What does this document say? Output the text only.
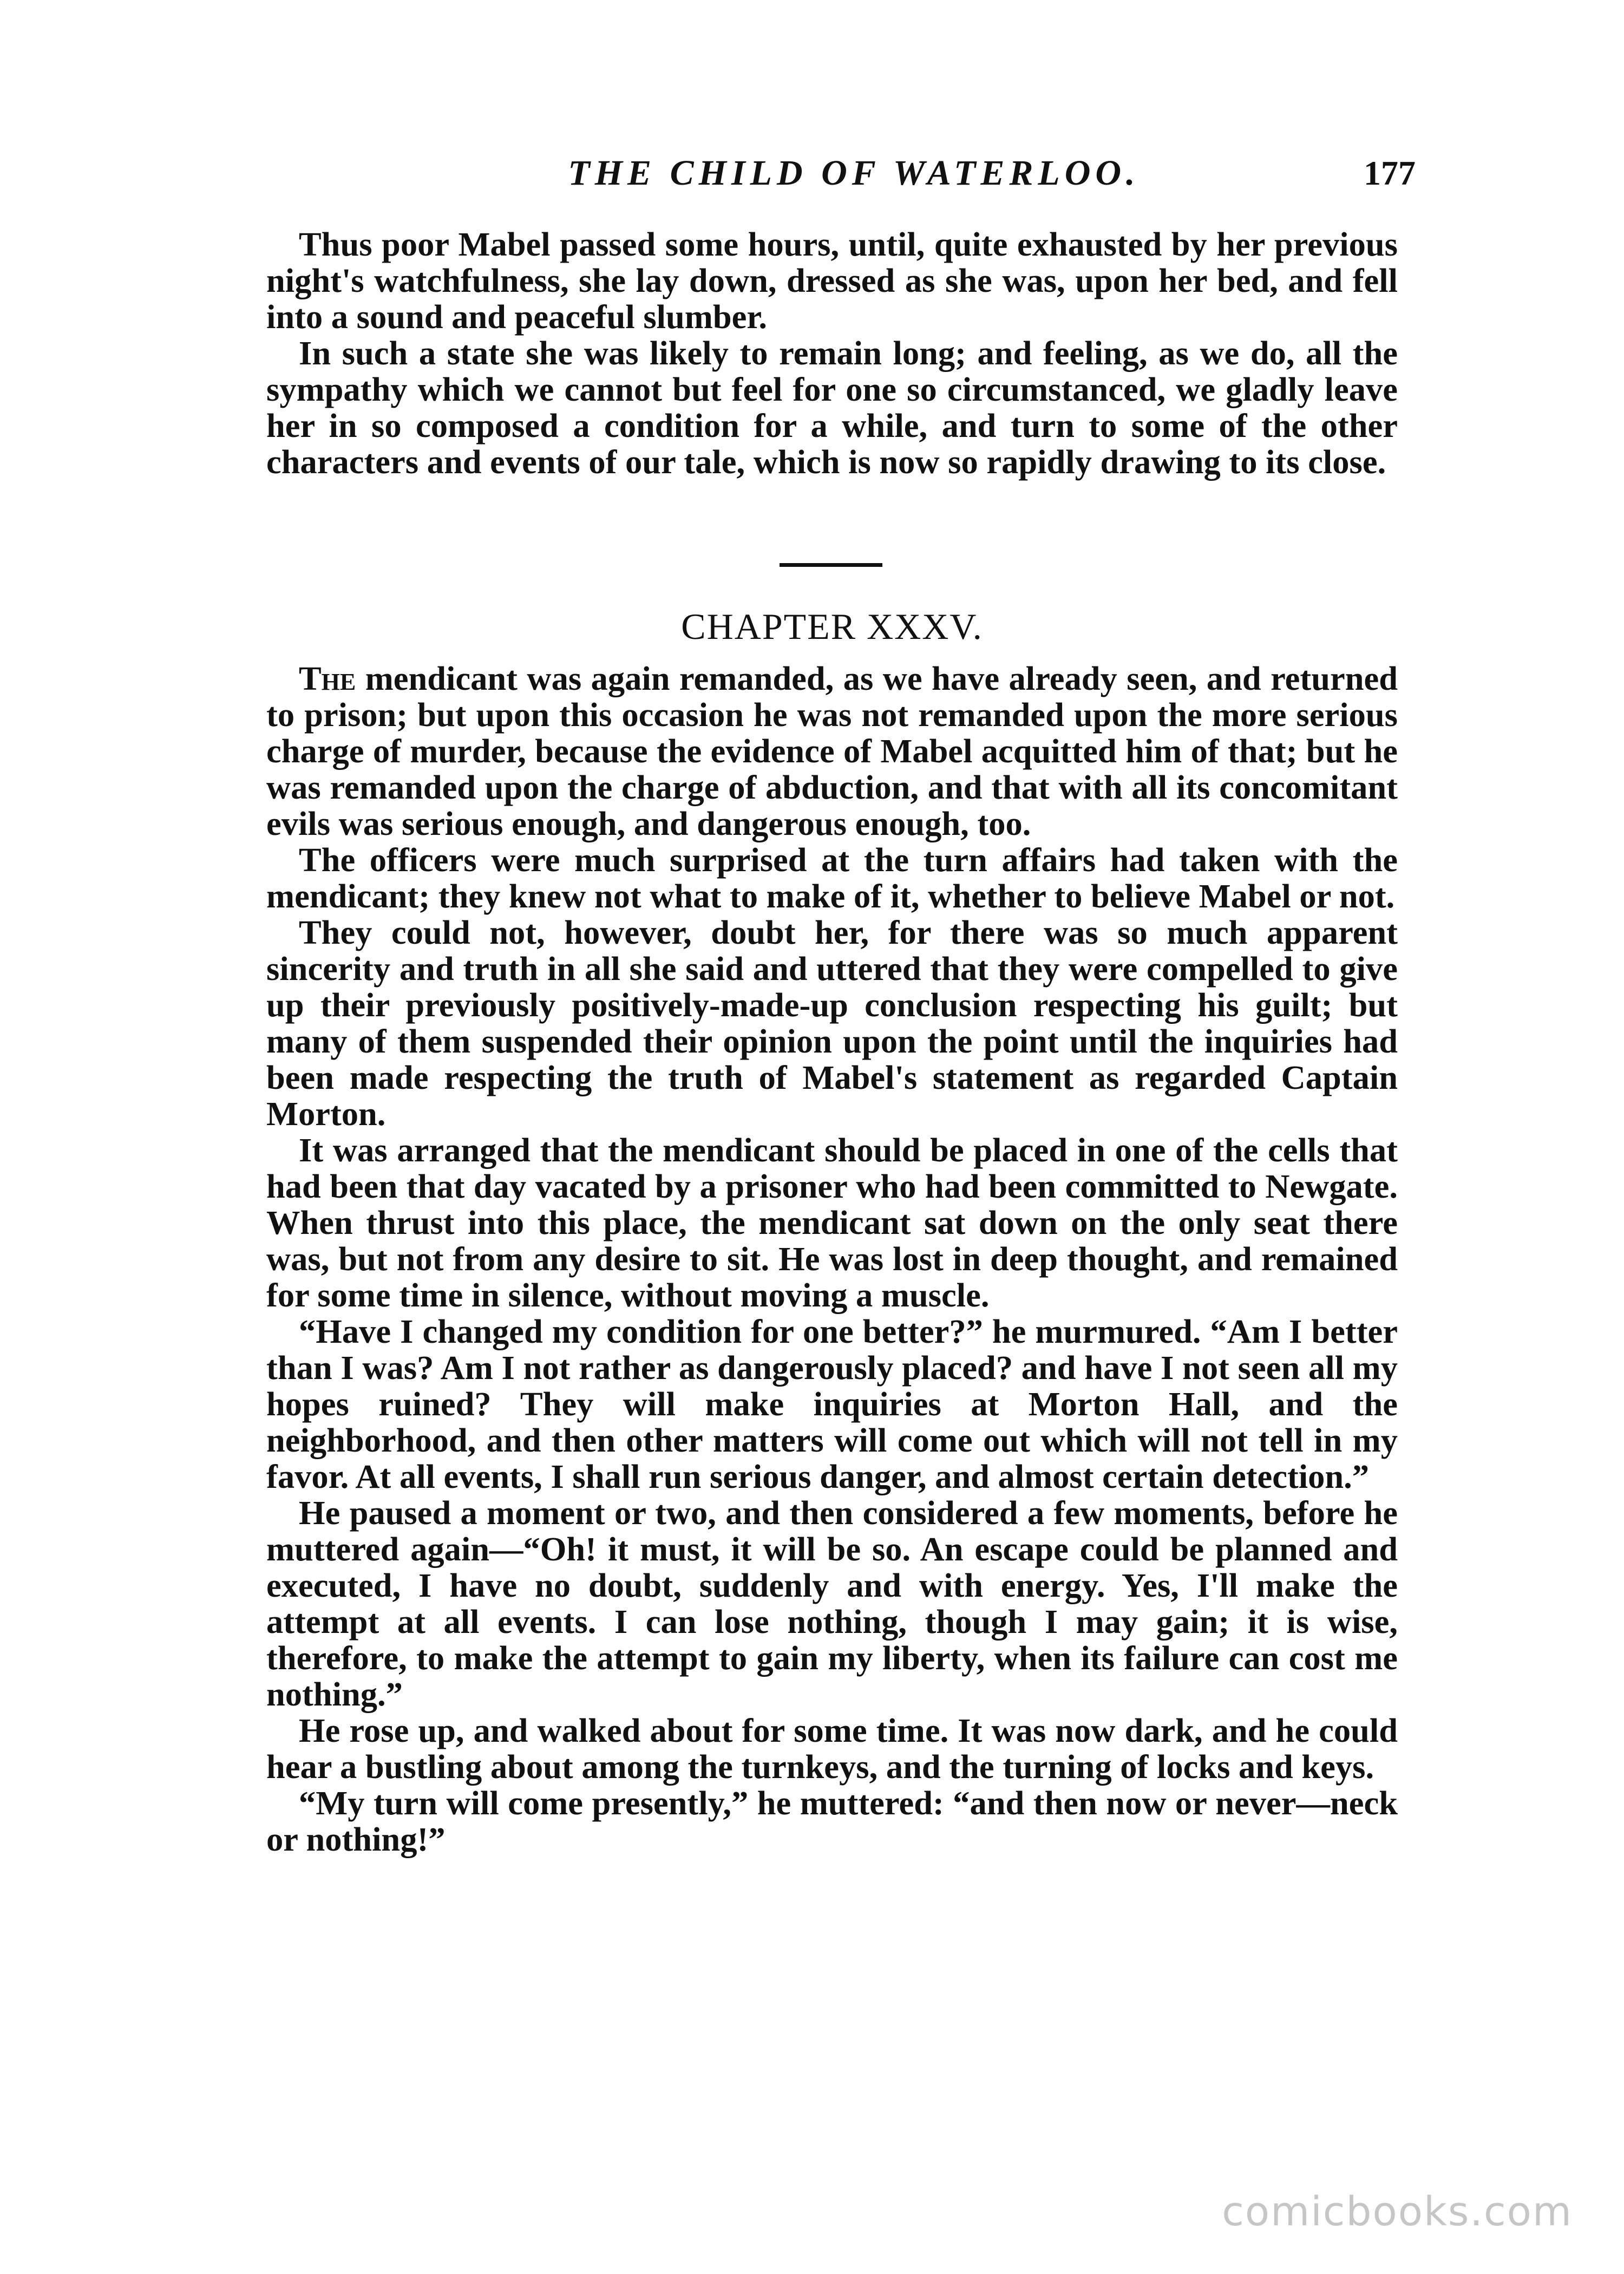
THE CHILD OF WATERLOO.	177

Thus poor Mabel passed some hours, until, quite exhausted by her previous night's watchfulness, she lay down, dressed as she was, upon her bed, and fell into a sound and peaceful slumber.

In such a state she was likely to remain long; and feeling, as we do, all the sympathy which we cannot but feel for one so circumstanced, we gladly leave her in so composed a condition for a while, and turn to some of the other characters and events of our tale, which is now so rapidly drawing to its close.

CHAPTER XXXV.

The mendicant was again remanded, as we have already seen, and returned to prison; but upon this occasion he was not remanded upon the more serious charge of murder, because the evidence of Mabel acquitted him of that; but he was remanded upon the charge of abduction, and that with all its concomitant evils was serious enough, and dangerous enough, too.

The officers were much surprised at the turn affairs had taken with the mendicant; they knew not what to make of it, whether to believe Mabel or not.

They could not, however, doubt her, for there was so much apparent sincerity and truth in all she said and uttered that they were compelled to give up their previously positively-made-up conclusion respecting his guilt; but many of them suspended their opinion upon the point until the inquiries had been made respecting the truth of Mabel's statement as regarded Captain Morton.

It was arranged that the mendicant should be placed in one of the cells that had been that day vacated by a prisoner who had been committed to Newgate. When thrust into this place, the mendicant sat down on the only seat there was, but not from any desire to sit. He was lost in deep thought, and remained for some time in silence, without moving a muscle.

“Have I changed my condition for one better?” he murmured. “Am I better than I was? Am I not rather as dangerously placed? and have I not seen all my hopes ruined? They will make inquiries at Morton Hall, and the neighborhood, and then other matters will come out which will not tell in my favor. At all events, I shall run serious danger, and almost certain detection.”

He paused a moment or two, and then considered a few moments, before he muttered again—“Oh! it must, it will be so. An escape could be planned and executed, I have no doubt, suddenly and with energy. Yes, I'll make the attempt at all events. I can lose nothing, though I may gain; it is wise, therefore, to make the attempt to gain my liberty, when its failure can cost me nothing.”

He rose up, and walked about for some time. It was now dark, and he could hear a bustling about among the turnkeys, and the turning of locks and keys.

“My turn will come presently,” he muttered: “and then now or never—neck or nothing!”

comicbooks.com
